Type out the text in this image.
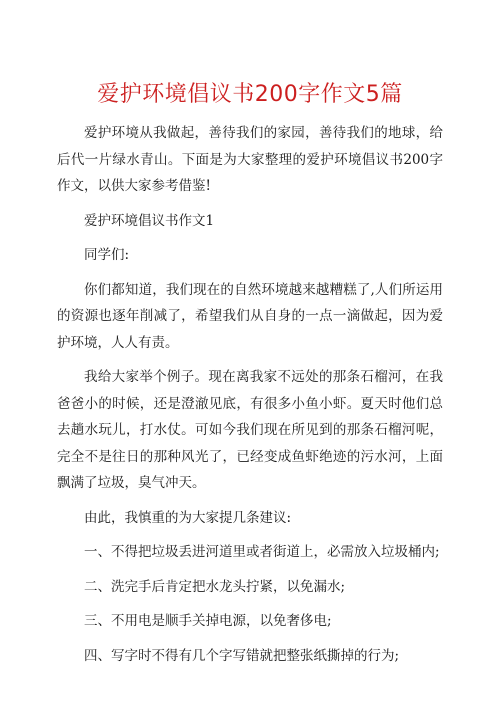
爱护环境倡议书200字作文5篇

爱护环境从我做起，善待我们的家园，善待我们的地球，给后代一片绿水青山。下面是为大家整理的爱护环境倡议书200字作文，以供大家参考借鉴!

爱护环境倡议书作文1

同学们:

你们都知道，我们现在的自然环境越来越糟糕了,人们所运用的资源也逐年削减了，希望我们从自身的一点一滴做起，因为爱护环境，人人有责。

我给大家举个例子。现在离我家不远处的那条石榴河，在我爸爸小的时候，还是澄澈见底，有很多小鱼小虾。夏天时他们总去趟水玩儿，打水仗。可如今我们现在所见到的那条石榴河呢，完全不是往日的那种风光了，已经变成鱼虾绝迹的污水河，上面飘满了垃圾，臭气冲天。

由此，我慎重的为大家提几条建议:

一、不得把垃圾丢进河道里或者街道上，必需放入垃圾桶内;

二、洗完手后肯定把水龙头拧紧，以免漏水;

三、不用电是顺手关掉电源，以免奢侈电;

四、写字时不得有几个字写错就把整张纸撕掉的行为;
